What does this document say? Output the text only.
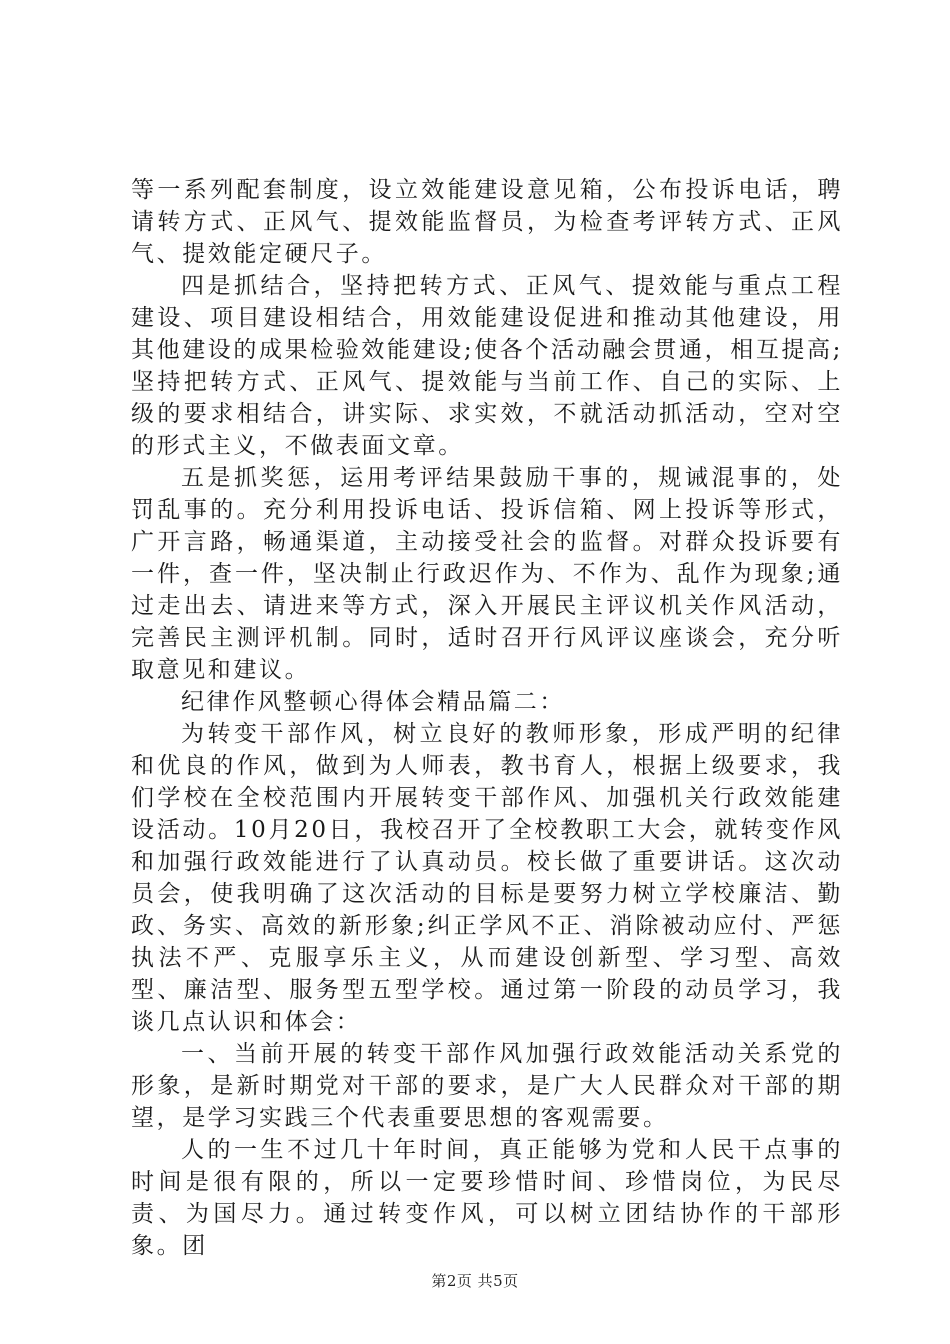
等一系列配套制度，设立效能建设意见箱，公布投诉电话，聘请转方式、正风气、提效能监督员，为检查考评转方式、正风气、提效能定硬尺子。

四是抓结合，坚持把转方式、正风气、提效能与重点工程建设、项目建设相结合，用效能建设促进和推动其他建设，用其他建设的成果检验效能建设;使各个活动融会贯通，相互提高;坚持把转方式、正风气、提效能与当前工作、自己的实际、上级的要求相结合，讲实际、求实效，不就活动抓活动，空对空的形式主义，不做表面文章。

五是抓奖惩，运用考评结果鼓励干事的，规诫混事的，处罚乱事的。充分利用投诉电话、投诉信箱、网上投诉等形式，广开言路，畅通渠道，主动接受社会的监督。对群众投诉要有一件，查一件，坚决制止行政迟作为、不作为、乱作为现象;通过走出去、请进来等方式，深入开展民主评议机关作风活动，完善民主测评机制。同时，适时召开行风评议座谈会，充分听取意见和建议。

纪律作风整顿心得体会精品篇二：

为转变干部作风，树立良好的教师形象，形成严明的纪律和优良的作风，做到为人师表，教书育人，根据上级要求，我们学校在全校范围内开展转变干部作风、加强机关行政效能建设活动。10月20日，我校召开了全校教职工大会，就转变作风和加强行政效能进行了认真动员。校长做了重要讲话。这次动员会，使我明确了这次活动的目标是要努力树立学校廉洁、勤政、务实、高效的新形象;纠正学风不正、消除被动应付、严惩执法不严、克服享乐主义，从而建设创新型、学习型、高效型、廉洁型、服务型五型学校。通过第一阶段的动员学习，我谈几点认识和体会：

一、当前开展的转变干部作风加强行政效能活动关系党的形象，是新时期党对干部的要求，是广大人民群众对干部的期望，是学习实践三个代表重要思想的客观需要。

人的一生不过几十年时间，真正能够为党和人民干点事的时间是很有限的，所以一定要珍惜时间、珍惜岗位，为民尽责、为国尽力。通过转变作风，可以树立团结协作的干部形象。团

第2页 共5页
